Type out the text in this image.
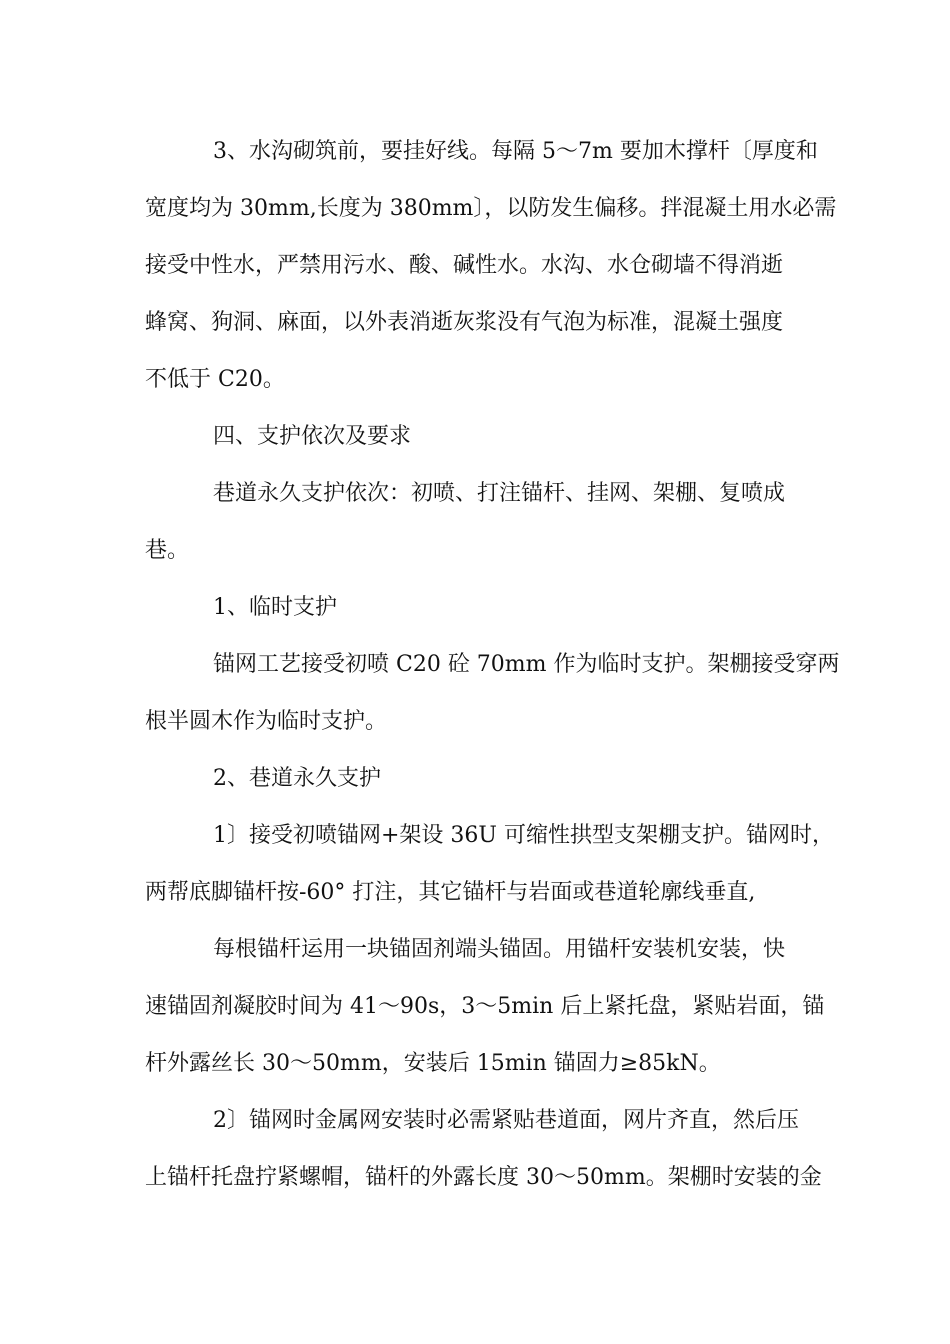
3、水沟砌筑前，要挂好线。每隔 5～7m 要加木撑杆〔厚度和
宽度均为 30mm,长度为 380mm〕，以防发生偏移。拌混凝土用水必需
接受中性水，严禁用污水、酸、碱性水。水沟、水仓砌墙不得消逝
蜂窝、狗洞、麻面，以外表消逝灰浆没有气泡为标准，混凝土强度
不低于 C20。
四、支护依次及要求
巷道永久支护依次：初喷、打注锚杆、挂网、架棚、复喷成
巷。
1、临时支护
锚网工艺接受初喷 C20 砼 70mm 作为临时支护。架棚接受穿两
根半圆木作为临时支护。
2、巷道永久支护
1〕接受初喷锚网+架设 36U 可缩性拱型支架棚支护。锚网时，
两帮底脚锚杆按-60° 打注，其它锚杆与岩面或巷道轮廓线垂直,
每根锚杆运用一块锚固剂端头锚固。用锚杆安装机安装，快
速锚固剂凝胶时间为 41～90s，3～5min 后上紧托盘，紧贴岩面，锚
杆外露丝长 30～50mm，安装后 15min 锚固力≥85kN。
2〕锚网时金属网安装时必需紧贴巷道面，网片齐直，然后压
上锚杆托盘拧紧螺帽，锚杆的外露长度 30～50mm。架棚时安装的金
